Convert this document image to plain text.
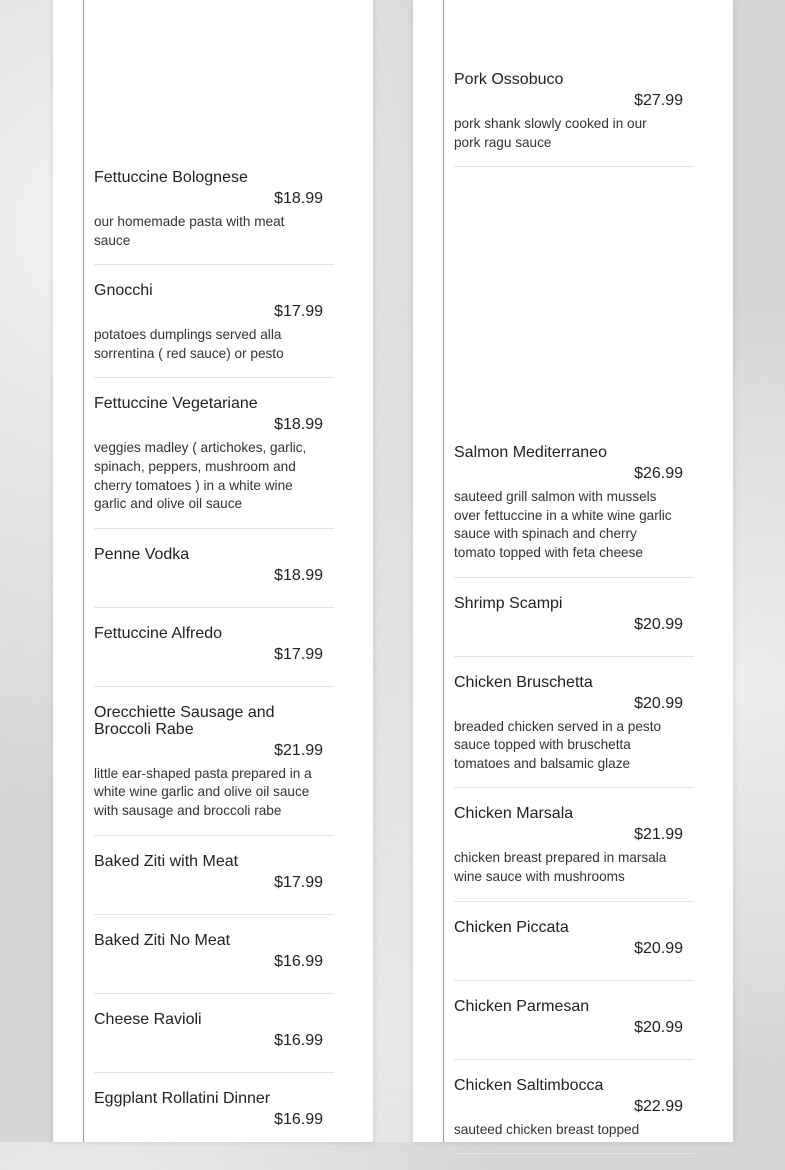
Fettuccine Bolognese
$18.99
our homemade pasta with meat sauce
Gnocchi
$17.99
potatoes dumplings served alla sorrentina ( red sauce) or pesto
Fettuccine Vegetariane
$18.99
veggies madley ( artichokes, garlic, spinach, peppers, mushroom and cherry tomatoes ) in a white wine garlic and olive oil sauce
Penne Vodka
$18.99
Fettuccine Alfredo
$17.99
Orecchiette Sausage and Broccoli Rabe
$21.99
little ear-shaped pasta prepared in a white wine garlic and olive oil sauce with sausage and broccoli rabe
Baked Ziti with Meat
$17.99
Baked Ziti No Meat
$16.99
Cheese Ravioli
$16.99
Eggplant Rollatini Dinner
$16.99
Pork Ossobuco
$27.99
pork shank slowly cooked in our pork ragu sauce
Salmon Mediterraneo
$26.99
sauteed grill salmon with mussels over fettuccine in a white wine garlic sauce with spinach and cherry tomato topped with feta cheese
Shrimp Scampi
$20.99
Chicken Bruschetta
$20.99
breaded chicken served in a pesto sauce topped with bruschetta tomatoes and balsamic glaze
Chicken Marsala
$21.99
chicken breast prepared in marsala wine sauce with mushrooms
Chicken Piccata
$20.99
Chicken Parmesan
$20.99
Chicken Saltimbocca
$22.99
sauteed chicken breast topped
